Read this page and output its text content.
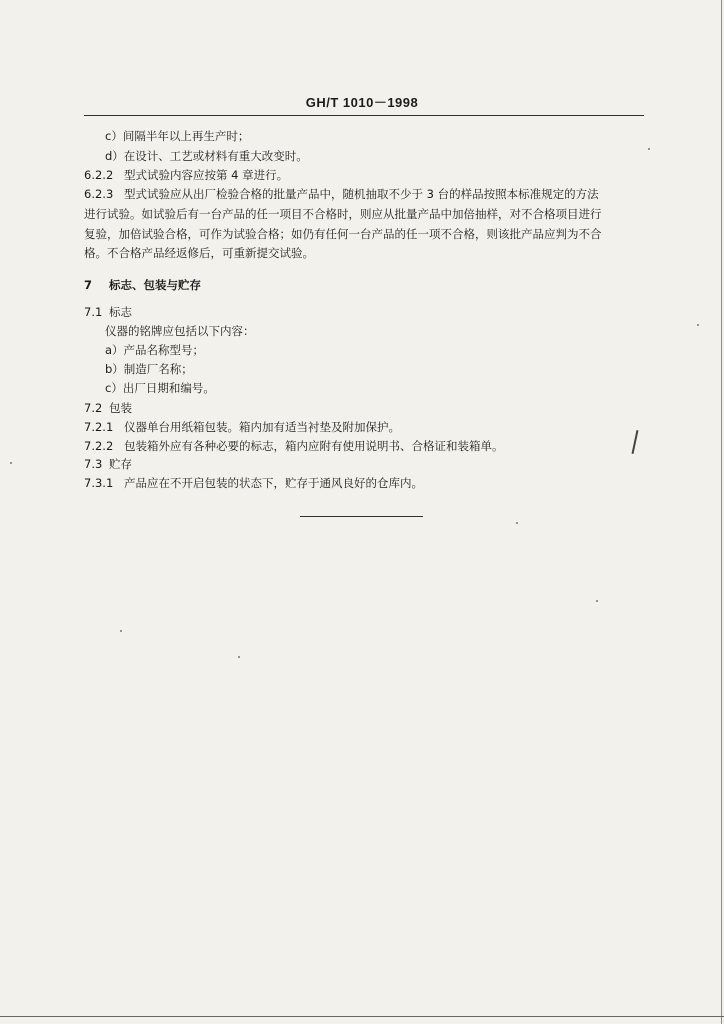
GH/T 1010－1998
c）间隔半年以上再生产时；
d）在设计、工艺或材料有重大改变时。
6.2.2 型式试验内容应按第 4 章进行。
6.2.3 型式试验应从出厂检验合格的批量产品中，随机抽取不少于 3 台的样品按照本标准规定的方法
进行试验。如试验后有一台产品的任一项目不合格时，则应从批量产品中加倍抽样，对不合格项目进行
复验，加倍试验合格，可作为试验合格；如仍有任何一台产品的任一项不合格，则该批产品应判为不合
格。不合格产品经返修后，可重新提交试验。
7 标志、包装与贮存
7.1 标志
仪器的铭牌应包括以下内容：
a）产品名称型号；
b）制造厂名称；
c）出厂日期和编号。
7.2 包装
7.2.1 仪器单台用纸箱包装。箱内加有适当衬垫及附加保护。
7.2.2 包装箱外应有各种必要的标志，箱内应附有使用说明书、合格证和装箱单。
7.3 贮存
7.3.1 产品应在不开启包装的状态下，贮存于通风良好的仓库内。
